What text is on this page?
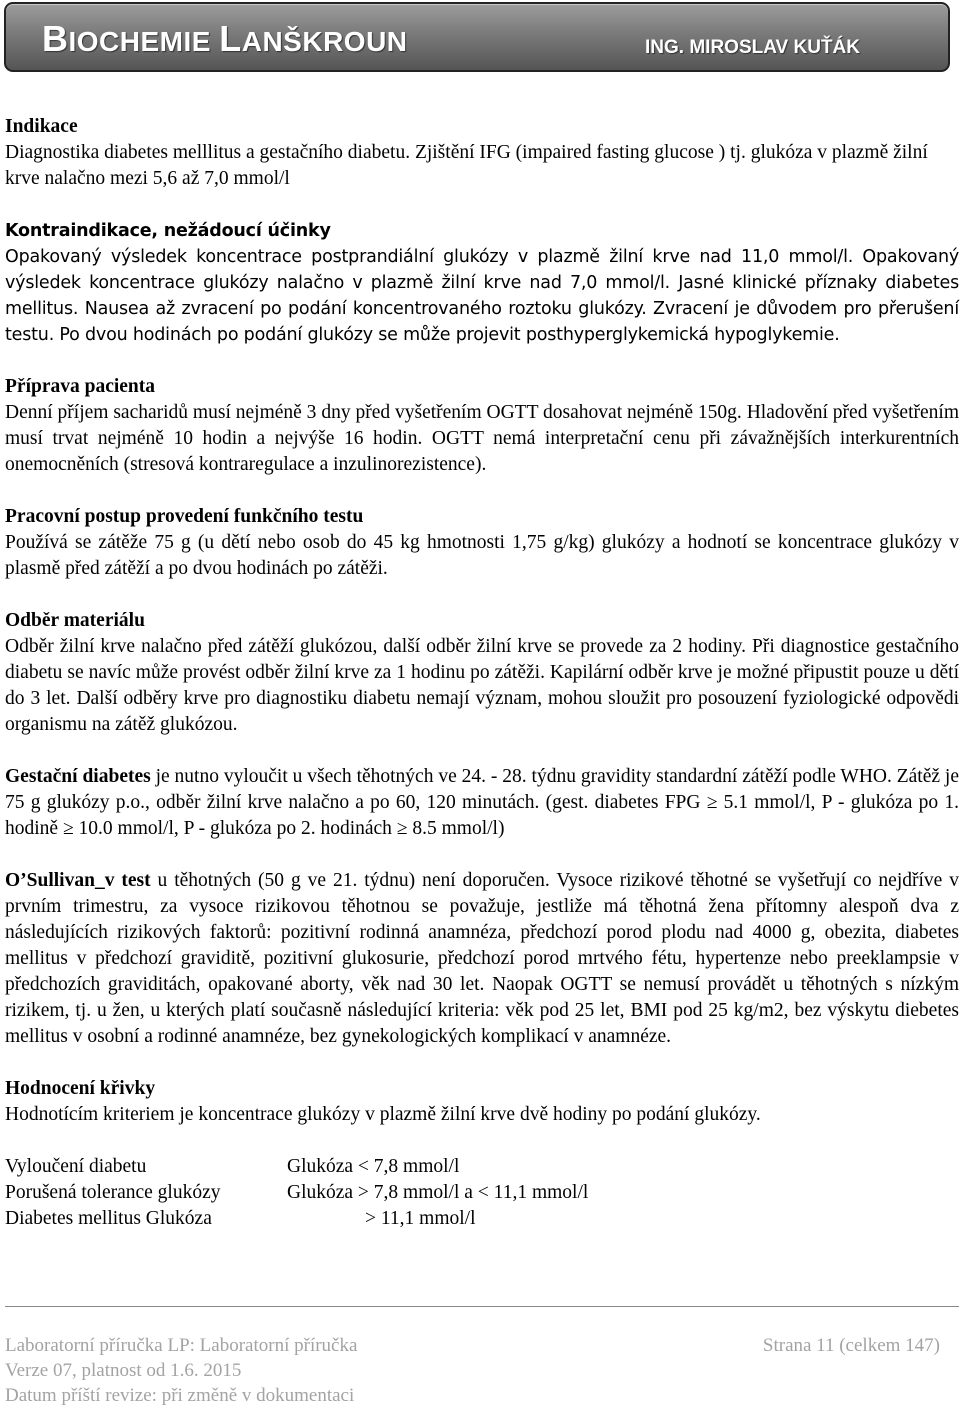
BIOCHEMIE LANŠKROUN	ING. MIROSLAV KUŤÁK

Indikace

Diagnostika diabetes melllitus a gestačního diabetu. Zjištění IFG (impaired fasting glucose ) tj. glukóza v plazmě žilní krve nalačno mezi 5,6 až 7,0 mmol/l

Kontraindikace, nežádoucí účinky

Opakovaný výsledek koncentrace postprandiální glukózy v plazmě žilní krve nad 11,0 mmol/l. Opakovaný výsledek koncentrace glukózy nalačno v plazmě žilní krve nad 7,0 mmol/l. Jasné klinické příznaky diabetes mellitus. Nausea až zvracení po podání koncentrovaného roztoku glukózy. Zvracení je důvodem pro přerušení testu. Po dvou hodinách po podání glukózy se může projevit posthyperglykemická hypoglykemie.

Příprava pacienta

Denní příjem sacharidů musí nejméně 3 dny před vyšetřením OGTT dosahovat nejméně 150g. Hladovění před vyšetřením musí trvat nejméně 10 hodin a nejvýše 16 hodin. OGTT nemá interpretační cenu při závažnějších interkurentních onemocněních (stresová kontraregulace a inzulinorezistence).

Pracovní postup provedení funkčního testu

Používá se zátěže 75 g (u dětí nebo osob do 45 kg hmotnosti 1,75 g/kg) glukózy a hodnotí se koncentrace glukózy v plasmě před zátěží a po dvou hodinách po zátěži.

Odběr materiálu

Odběr žilní krve nalačno před zátěží glukózou, další odběr žilní krve se provede za 2 hodiny. Při diagnostice gestačního diabetu se navíc může provést odběr žilní krve za 1 hodinu po zátěži. Kapilární odběr krve je možné připustit pouze u dětí do 3 let. Další odběry krve pro diagnostiku diabetu nemají význam, mohou sloužit pro posouzení fyziologické odpovědi organismu na zátěž glukózou.

Gestační diabetes je nutno vyloučit u všech těhotných ve 24. - 28. týdnu gravidity standardní zátěží podle WHO. Zátěž je 75 g glukózy p.o., odběr žilní krve nalačno a po 60, 120 minutách. (gest. diabetes FPG ≥ 5.1 mmol/l, P - glukóza po 1. hodině ≥ 10.0 mmol/l, P - glukóza po 2. hodinách ≥ 8.5 mmol/l)

O’Sullivan_v test u těhotných (50 g ve 21. týdnu) není doporučen. Vysoce rizikové těhotné se vyšetřují co nejdříve v prvním trimestru, za vysoce rizikovou těhotnou se považuje, jestliže má těhotná žena přítomny alespoň dva z následujících rizikových faktorů: pozitivní rodinná anamnéza, předchozí porod plodu nad 4000 g, obezita, diabetes mellitus v předchozí graviditě, pozitivní glukosurie, předchozí porod mrtvého fétu, hypertenze nebo preeklampsie v předchozích graviditách, opakované aborty, věk nad 30 let. Naopak OGTT se nemusí provádět u těhotných s nízkým rizikem, tj. u žen, u kterých platí současně následující kriteria: věk pod 25 let, BMI pod 25 kg/m2, bez výskytu diebetes mellitus v osobní a rodinné anamnéze, bez gynekologických komplikací v anamnéze.

Hodnocení křivky

Hodnotícím kriteriem je koncentrace glukózy v plazmě žilní krve dvě hodiny po podání glukózy.

Vyloučení diabetu	Glukóza < 7,8 mmol/l
Porušená tolerance glukózy	Glukóza > 7,8 mmol/l a < 11,1 mmol/l
Diabetes mellitus Glukóza	> 11,1 mmol/l
Laboratorní příručka LP: Laboratorní příručka	Strana 11 (celkem 147)
Verze 07, platnost od 1.6. 2015
Datum příští revize: při změně v dokumentaci
